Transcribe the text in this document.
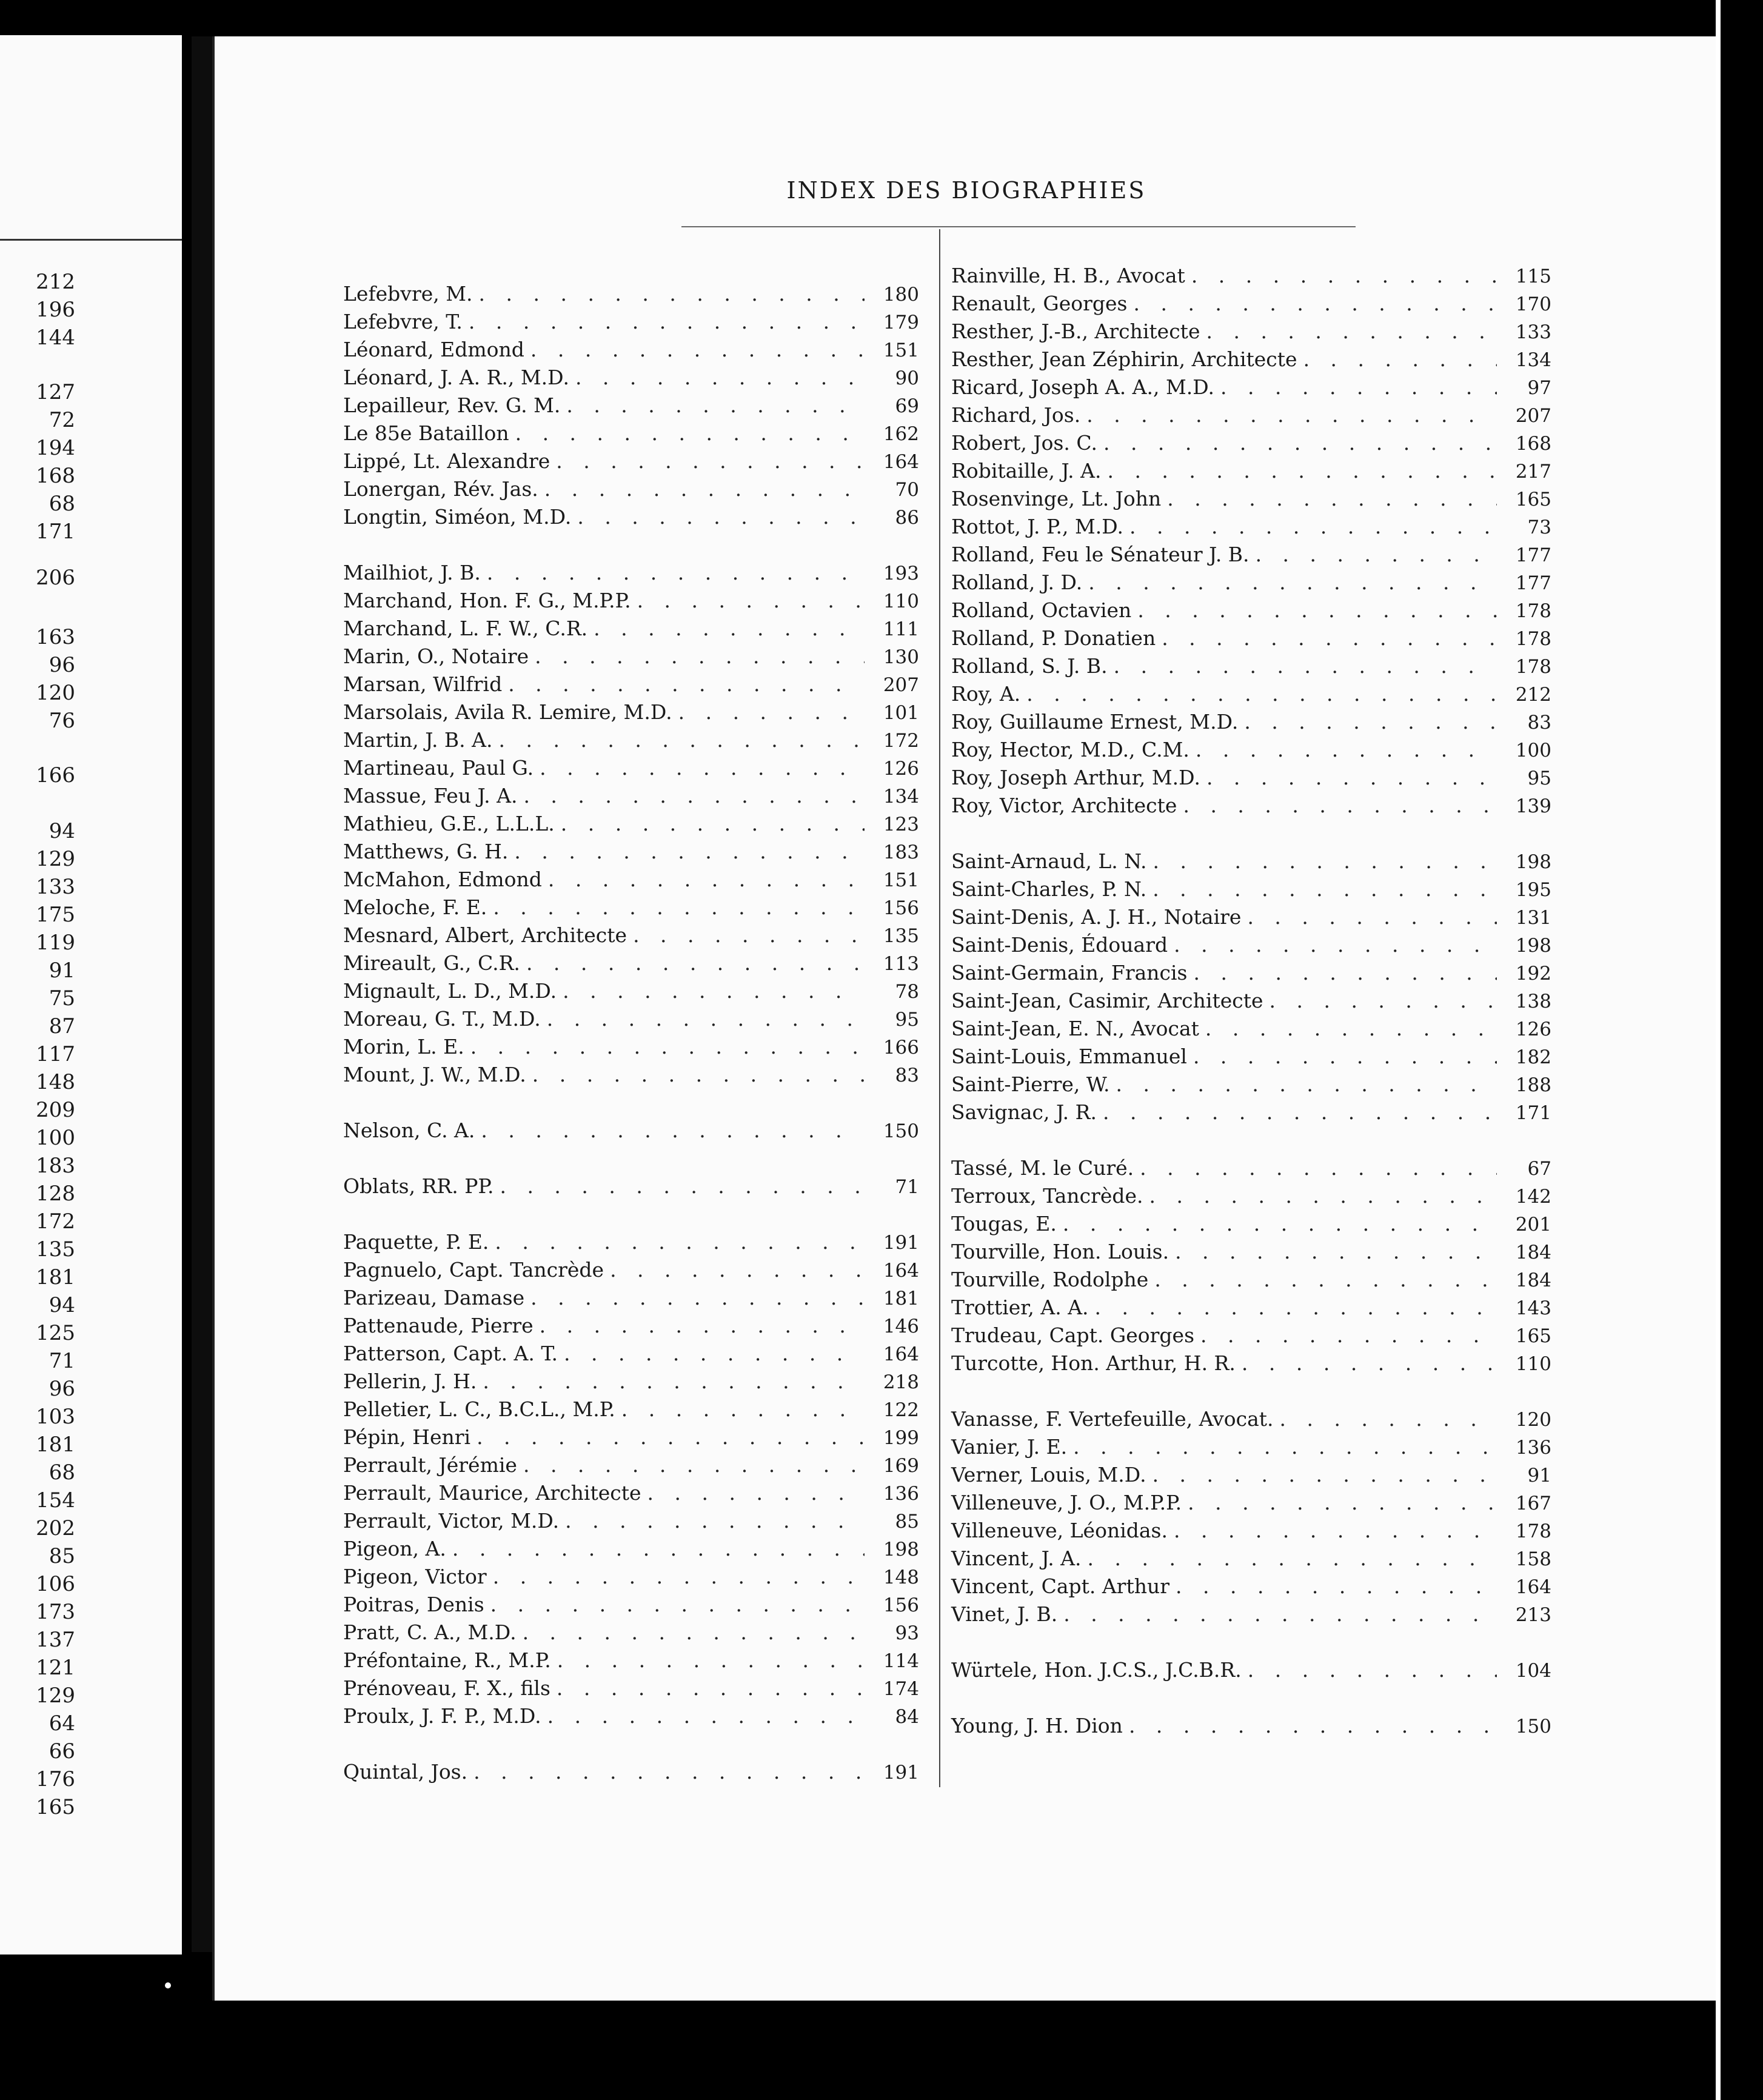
212
196
144
127
72
194
168
68
171
206
163
96
120
76
166
94
129
133
175
119
91
75
87
117
148
209
100
183
128
172
135
181
94
125
71
96
103
181
68
154
202
85
106
173
137
121
129
64
66
176
165
INDEX DES BIOGRAPHIES
Lefebvre, M. . . .	180
Lefebvre, T. . . .	179
Léonard, Edmond . . .	151
Léonard, J. A. R., M.D. . . .	90
Lepailleur, Rev. G. M. . . .	69
Le 85e Bataillon . . .	162
Lippé, Lt. Alexandre . . .	164
Lonergan, Rév. Jas. . . .	70
Longtin, Siméon, M.D. . . .	86
Mailhiot, J. B. . . .	193
Marchand, Hon. F. G., M.P.P. . . .	110
Marchand, L. F. W., C.R. . . .	111
Marin, O., Notaire . . .	130
Marsan, Wilfrid . . .	207
Marsolais, Avila R. Lemire, M.D. . . .	101
Martin, J. B. A. . . .	172
Martineau, Paul G. . . .	126
Massue, Feu J. A. . . .	134
Mathieu, G.E., L.L.L. . . .	123
Matthews, G. H. . . .	183
McMahon, Edmond . . .	151
Meloche, F. E. . . .	156
Mesnard, Albert, Architecte . . .	135
Mireault, G., C.R. . . .	113
Mignault, L. D., M.D. . . .	78
Moreau, G. T., M.D. . . .	95
Morin, L. E. . . .	166
Mount, J. W., M.D. . . .	83
Nelson, C. A. . . .	150
Oblats, RR. PP. . . .	71
Paquette, P. E. . . .	191
Pagnuelo, Capt. Tancrède . . .	164
Parizeau, Damase . . .	181
Pattenaude, Pierre . . .	146
Patterson, Capt. A. T. . . .	164
Pellerin, J. H. . . .	218
Pelletier, L. C., B.C.L., M.P. . . .	122
Pépin, Henri . . .	199
Perrault, Jérémie . . .	169
Perrault, Maurice, Architecte . . .	136
Perrault, Victor, M.D. . . .	85
Pigeon, A. . . .	198
Pigeon, Victor . . .	148
Poitras, Denis . . .	156
Pratt, C. A., M.D. . . .	93
Préfontaine, R., M.P. . . .	114
Prénoveau, F. X., fils . . .	174
Proulx, J. F. P., M.D. . . .	84
Quintal, Jos. . . .	191
Rainville, H. B., Avocat . . .	115
Renault, Georges . . .	170
Resther, J.-B., Architecte . . .	133
Resther, Jean Zéphirin, Architecte . . .	134
Ricard, Joseph A. A., M.D. . . .	97
Richard, Jos. . . .	207
Robert, Jos. C. . . .	168
Robitaille, J. A. . . .	217
Rosenvinge, Lt. John . . .	165
Rottot, J. P., M.D. . . .	73
Rolland, Feu le Sénateur J. B. . . .	177
Rolland, J. D. . . .	177
Rolland, Octavien . . .	178
Rolland, P. Donatien . . .	178
Rolland, S. J. B. . . .	178
Roy, A. . . .	212
Roy, Guillaume Ernest, M.D. . . .	83
Roy, Hector, M.D., C.M. . . .	100
Roy, Joseph Arthur, M.D. . . .	95
Roy, Victor, Architecte . . .	139
Saint-Arnaud, L. N. . . .	198
Saint-Charles, P. N. . . .	195
Saint-Denis, A. J. H., Notaire . . .	131
Saint-Denis, Édouard . . .	198
Saint-Germain, Francis . . .	192
Saint-Jean, Casimir, Architecte . . .	138
Saint-Jean, E. N., Avocat . . .	126
Saint-Louis, Emmanuel . . .	182
Saint-Pierre, W. . . .	188
Savignac, J. R. . . .	171
Tassé, M. le Curé. . . .	67
Terroux, Tancrède. . . .	142
Tougas, E. . . .	201
Tourville, Hon. Louis. . . .	184
Tourville, Rodolphe . . .	184
Trottier, A. A. . . .	143
Trudeau, Capt. Georges . . .	165
Turcotte, Hon. Arthur, H. R. . . .	110
Vanasse, F. Vertefeuille, Avocat. . . .	120
Vanier, J. E. . . .	136
Verner, Louis, M.D. . . .	91
Villeneuve, J. O., M.P.P. . . .	167
Villeneuve, Léonidas. . . .	178
Vincent, J. A. . . .	158
Vincent, Capt. Arthur . . .	164
Vinet, J. B. . . .	213
Würtele, Hon. J.C.S., J.C.B.R. . . .	104
Young, J. H. Dion . . .	150
